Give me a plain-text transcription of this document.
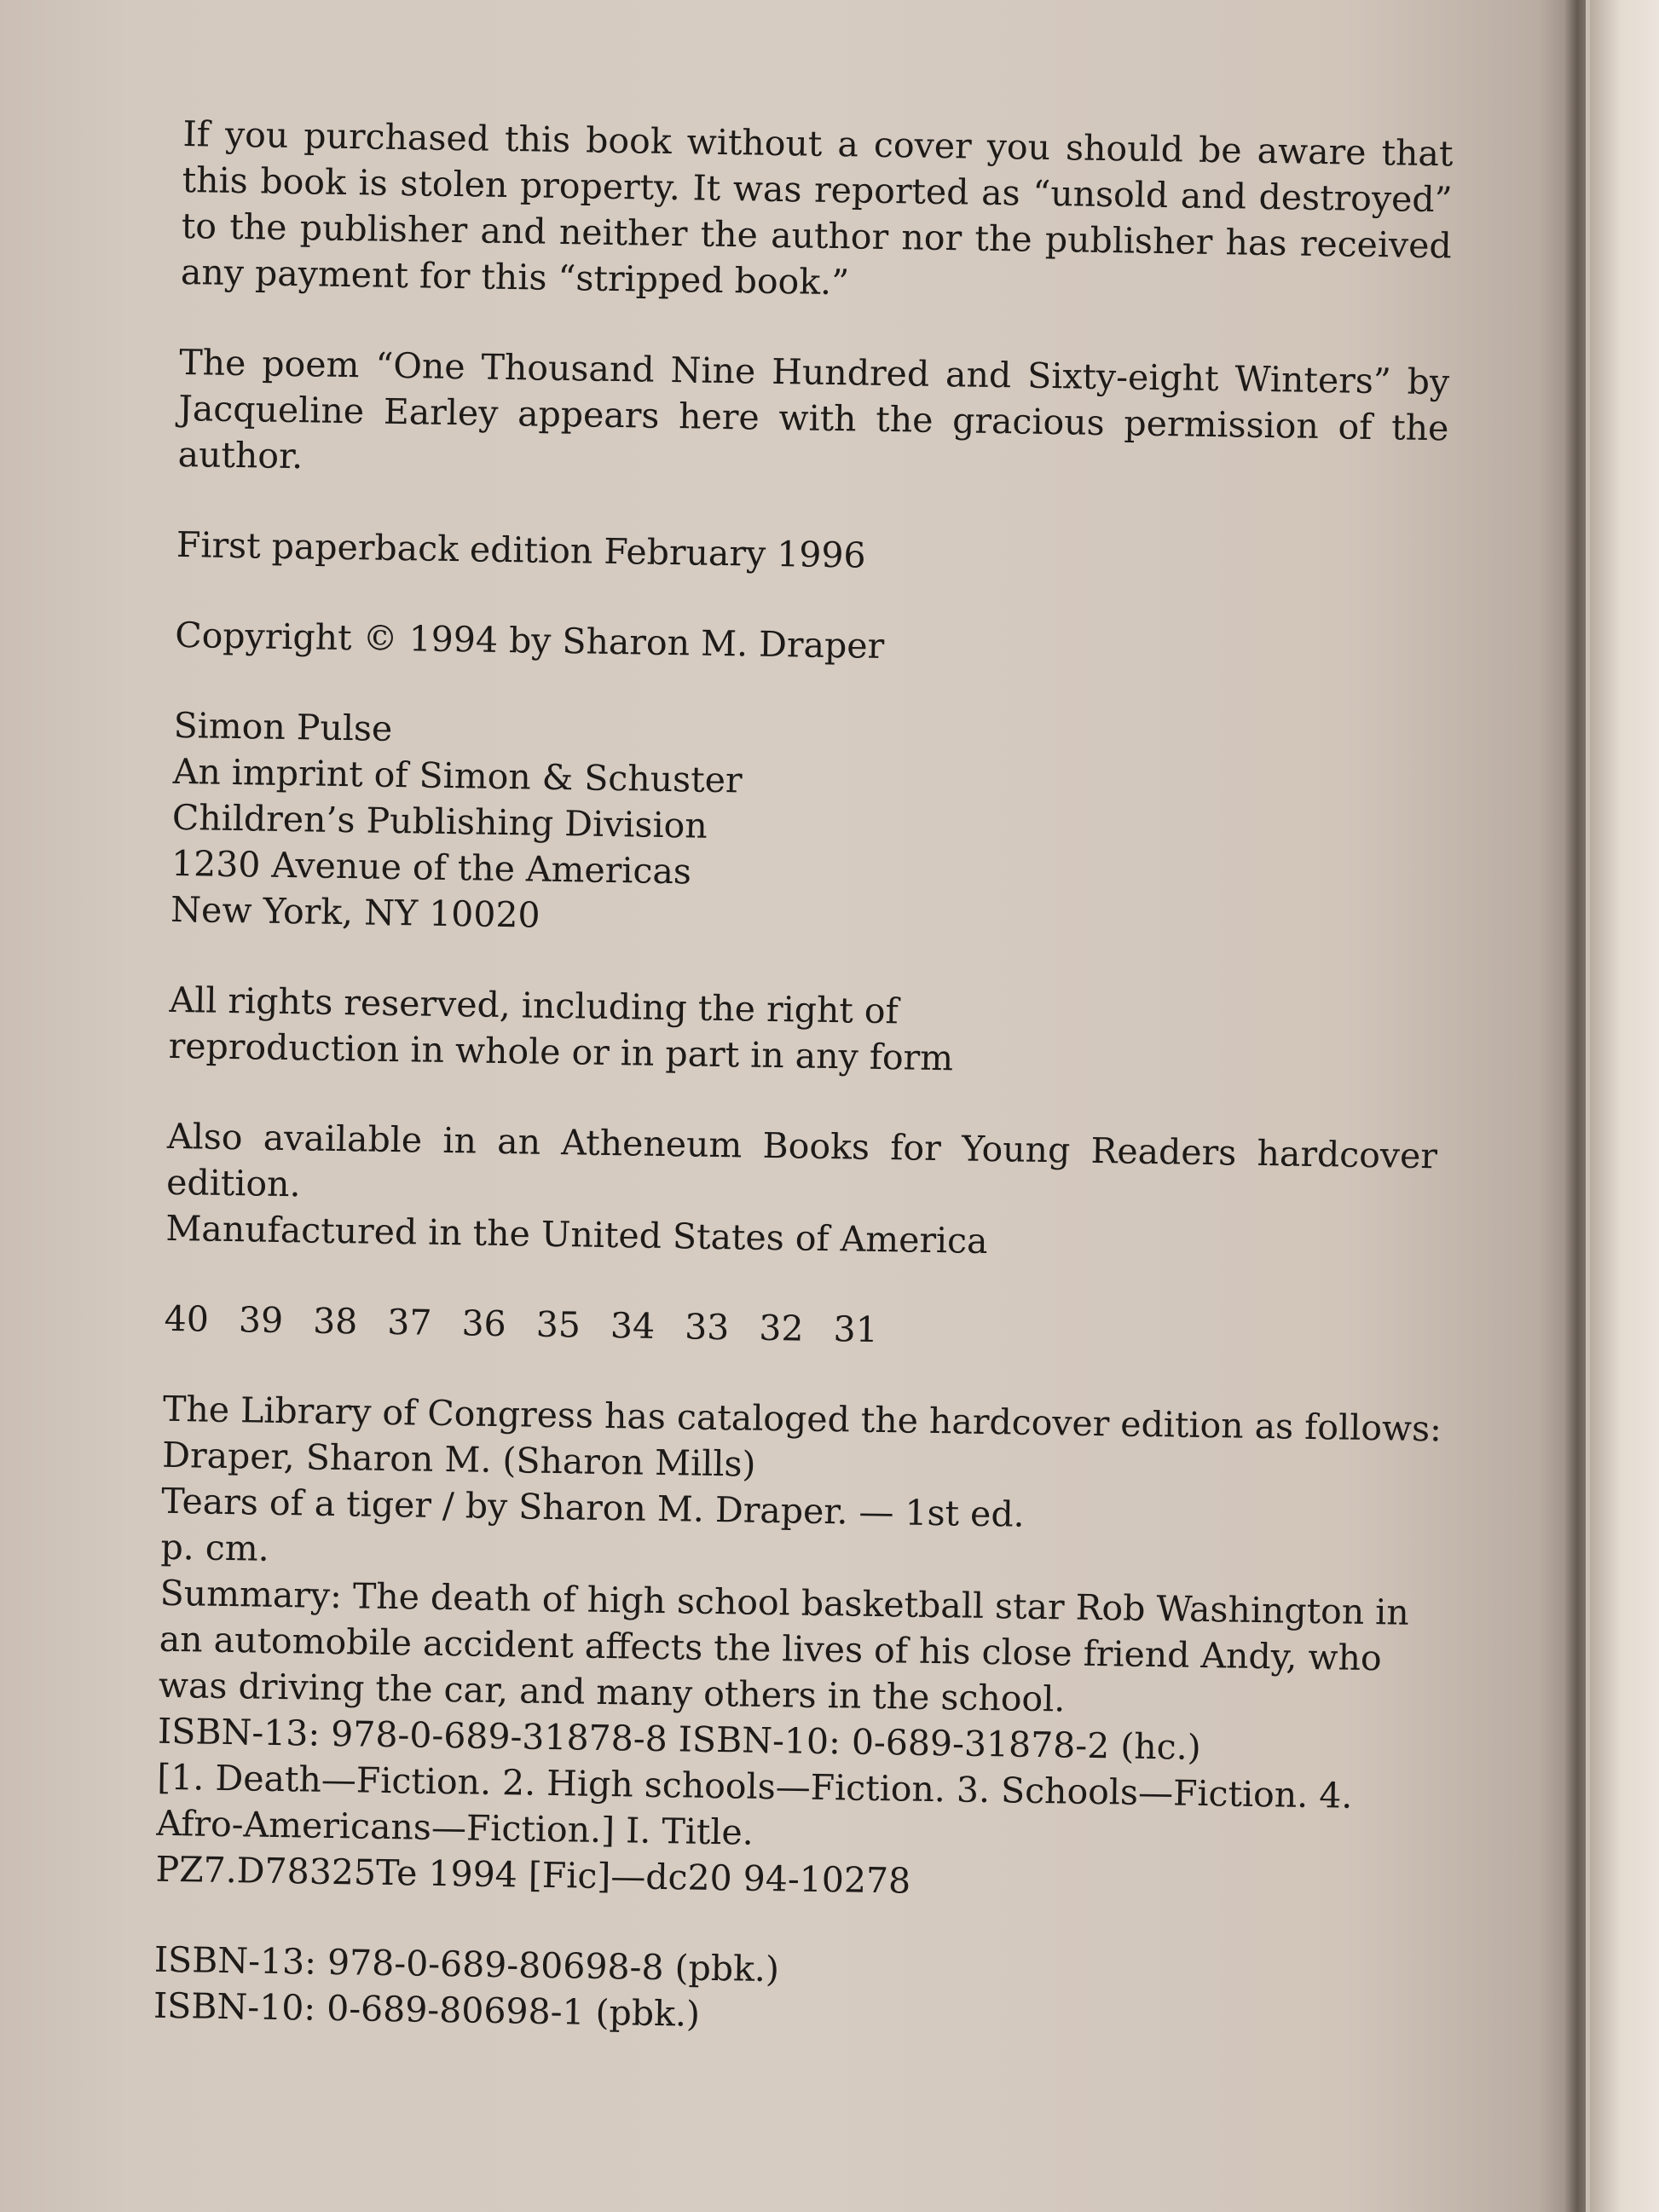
If you purchased this book without a cover you should be aware that this book is stolen property. It was reported as “unsold and destroyed” to the publisher and neither the author nor the publisher has received any payment for this “stripped book.”

The poem “One Thousand Nine Hundred and Sixty-eight Winters” by Jacqueline Earley appears here with the gracious permission of the author.

First paperback edition February 1996

Copyright © 1994 by Sharon M. Draper

Simon Pulse
An imprint of Simon & Schuster
Children’s Publishing Division
1230 Avenue of the Americas
New York, NY 10020
All rights reserved, including the right of
reproduction in whole or in part in any form

Also available in an Atheneum Books for Young Readers hardcover edition.

Manufactured in the United States of America

40 39 38 37 36 35 34 33 32 31
The Library of Congress has cataloged the hardcover edition as follows:
Draper, Sharon M. (Sharon Mills)
Tears of a tiger / by Sharon M. Draper. — 1st ed.
p. cm.
Summary: The death of high school basketball star Rob Washington in
an automobile accident affects the lives of his close friend Andy, who
was driving the car, and many others in the school.
ISBN-13: 978-0-689-31878-8 ISBN-10: 0-689-31878-2 (hc.)
[1. Death—Fiction. 2. High schools—Fiction. 3. Schools—Fiction. 4.
Afro-Americans—Fiction.] I. Title.
PZ7.D78325Te 1994 [Fic]—dc20 94-10278
ISBN-13: 978-0-689-80698-8 (pbk.)
ISBN-10: 0-689-80698-1 (pbk.)
